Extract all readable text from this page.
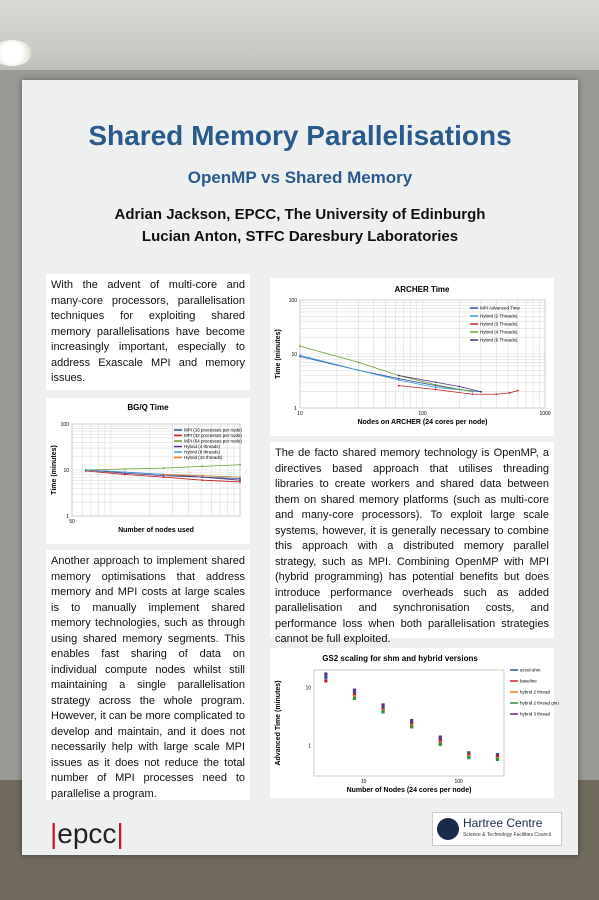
Shared Memory Parallelisations
OpenMP vs Shared Memory
Adrian Jackson, EPCC, The University of Edinburgh
Lucian Anton, STFC Daresbury Laboratories
With the advent of multi-core and many-core processors, parallelisation techniques for exploiting shared memory parallelisations have become increasingly important, especially to address Exascale MPI and memory issues.
BG/Q Time
50
1
10
100
Number of nodes used
Time (minutes)
MPI (16 processes per node)
MPI (32 processes per node)
MPI (64 processes per node)
Hybrid (4 threads)
Hybrid (8 threads)
Hybrid (16 threads)
Another approach to implement shared memory optimisations that address memory and MPI costs at large scales is to manually implement shared memory technologies, such as through using shared memory segments. This enables fast sharing of data on individual compute nodes whilst still maintaining a single parallelisation strategy across the whole program. However, it can be more complicated to develop and maintain, and it does not necessarily help with large scale MPI issues as it does not reduce the total number of MPI processes need to parallelise a program.
ARCHER Time
10	100	1000
1
10
100
Nodes on ARCHER (24 cores per node)
Time (minutes)
MPI Advanced Time
Hybrid (2 Threads)
Hybrid (3 Threads)
Hybrid (4 Threads)
Hybrid (6 Threads)
The de facto shared memory technology is OpenMP, a directives based approach that utilises threading libraries to create workers and shared data between them on shared memory platforms (such as multi-core and many-core processors). To exploit large scale systems, however, it is generally necessary to combine this approach with a distributed memory parallel strategy, such as MPI. Combining OpenMP with MPI (hybrid programming) has potential benefits but does introduce performance overheads such as added parallelisation and synchronisation costs, and performance loss when both parallelisation strategies cannot be full exploited.
GS2 scaling for shm and hybrid versions
10	100
1
10
Number of Nodes (24 cores per node)
Advanced Time (minutes)
accel-shm
baseline
hybrid 2 thread
hybrid 2 thread gnu
hybrid 3 thread
|epcc|	Hartree Centre
Science & Technology Facilities Council
